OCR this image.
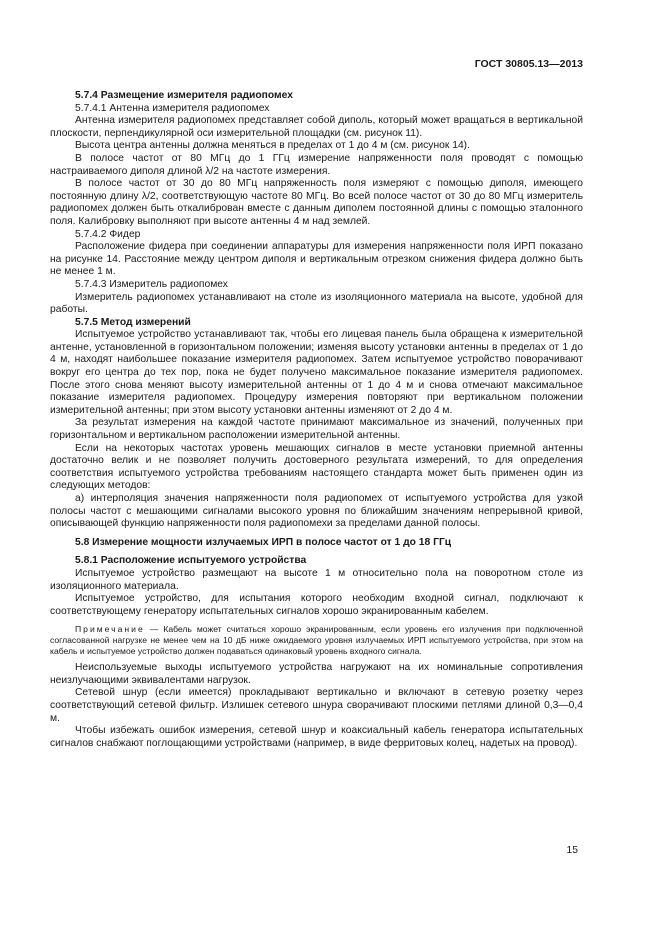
ГОСТ 30805.13—2013

5.7.4 Размещение измерителя радиопомех

5.7.4.1 Антенна измерителя радиопомех

Антенна измерителя радиопомех представляет собой диполь, который может вращаться в вертикальной плоскости, перпендикулярной оси измерительной площадки (см. рисунок 11).

Высота центра антенны должна меняться в пределах от 1 до 4 м (см. рисунок 14).

В полосе частот от 80 МГц до 1 ГГц измерение напряженности поля проводят с помощью настраиваемого диполя длиной λ/2 на частоте измерения.

В полосе частот от 30 до 80 МГц напряженность поля измеряют с помощью диполя, имеющего постоянную длину λ/2, соответствующую частоте 80 МГц. Во всей полосе частот от 30 до 80 МГц измеритель радиопомех должен быть откалиброван вместе с данным диполем постоянной длины с помощью эталонного поля. Калибровку выполняют при высоте антенны 4 м над землей.

5.7.4.2 Фидер

Расположение фидера при соединении аппаратуры для измерения напряженности поля ИРП показано на рисунке 14. Расстояние между центром диполя и вертикальным отрезком снижения фидера должно быть не менее 1 м.

5.7.4.3 Измеритель радиопомех

Измеритель радиопомех устанавливают на столе из изоляционного материала на высоте, удобной для работы.

5.7.5 Метод измерений

Испытуемое устройство устанавливают так, чтобы его лицевая панель была обращена к измерительной антенне, установленной в горизонтальном положении; изменяя высоту установки антенны в пределах от 1 до 4 м, находят наибольшее показание измерителя радиопомех. Затем испытуемое устройство поворачивают вокруг его центра до тех пор, пока не будет получено максимальное показание измерителя радиопомех. После этого снова меняют высоту измерительной антенны от 1 до 4 м и снова отмечают максимальное показание измерителя радиопомех. Процедуру измерения повторяют при вертикальном положении измерительной антенны; при этом высоту установки антенны изменяют от 2 до 4 м.

За результат измерения на каждой частоте принимают максимальное из значений, полученных при горизонтальном и вертикальном расположении измерительной антенны.

Если на некоторых частотах уровень мешающих сигналов в месте установки приемной антенны достаточно велик и не позволяет получить достоверного результата измерений, то для определения соответствия испытуемого устройства требованиям настоящего стандарта может быть применен один из следующих методов:

а) интерполяция значения напряженности поля радиопомех от испытуемого устройства для узкой полосы частот с мешающими сигналами высокого уровня по ближайшим значениям непрерывной кривой, описывающей функцию напряженности поля радиопомехи за пределами данной полосы.

5.8 Измерение мощности излучаемых ИРП в полосе частот от 1 до 18 ГГц

5.8.1 Расположение испытуемого устройства

Испытуемое устройство размещают на высоте 1 м относительно пола на поворотном столе из изоляционного материала.

Испытуемое устройство, для испытания которого необходим входной сигнал, подключают к соответствующему генератору испытательных сигналов хорошо экранированным кабелем.

Примечание — Кабель может считаться хорошо экранированным, если уровень его излучения при подключенной согласованной нагрузке не менее чем на 10 дБ ниже ожидаемого уровня излучаемых ИРП испытуемого устройства, при этом на кабель и испытуемое устройство должен подаваться одинаковый уровень входного сигнала.

Неиспользуемые выходы испытуемого устройства нагружают на их номинальные сопротивления неизлучающими эквивалентами нагрузок.

Сетевой шнур (если имеется) прокладывают вертикально и включают в сетевую розетку через соответствующий сетевой фильтр. Излишек сетевого шнура сворачивают плоскими петлями длиной 0,3—0,4 м.

Чтобы избежать ошибок измерения, сетевой шнур и коаксиальный кабель генератора испытательных сигналов снабжают поглощающими устройствами (например, в виде ферритовых колец, надетых на провод).

15
